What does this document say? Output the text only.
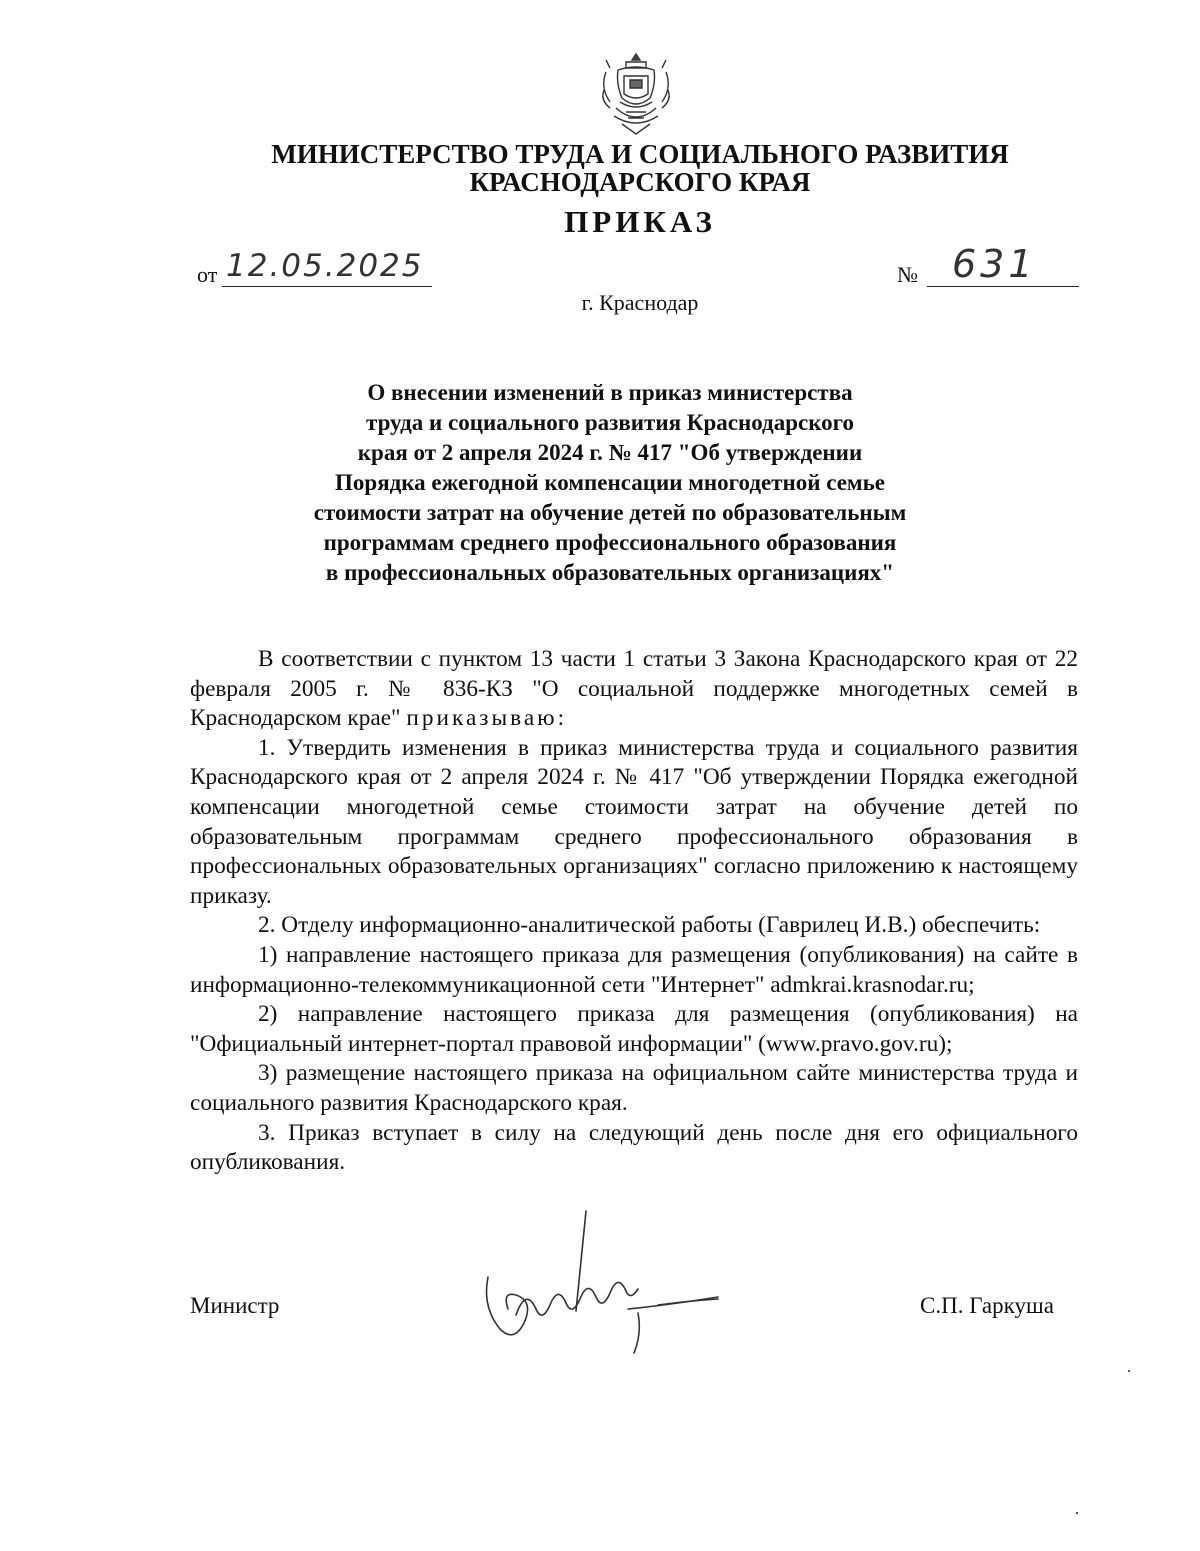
МИНИСТЕРСТВО ТРУДА И СОЦИАЛЬНОГО РАЗВИТИЯ
КРАСНОДАРСКОГО КРАЯ
ПРИКАЗ
от 12.05.2025	№ 631
г. Краснодар
О внесении изменений в приказ министерства
труда и социального развития Краснодарского
края от 2 апреля 2024 г. № 417 "Об утверждении
Порядка ежегодной компенсации многодетной семье
стоимости затрат на обучение детей по образовательным
программам среднего профессионального образования
в профессиональных образовательных организациях"

В соответствии с пунктом 13 части 1 статьи 3 Закона Краснодарского края от 22 февраля 2005 г. № 836-КЗ "О социальной поддержке многодетных семей в Краснодарском крае" приказываю:

1. Утвердить изменения в приказ министерства труда и социального развития Краснодарского края от 2 апреля 2024 г. № 417 "Об утверждении Порядка ежегодной компенсации многодетной семье стоимости затрат на обучение детей по образовательным программам среднего профессионального образования в профессиональных образовательных организациях" согласно приложению к настоящему приказу.

2. Отделу информационно-аналитической работы (Гаврилец И.В.) обеспечить:

1) направление настоящего приказа для размещения (опубликования) на сайте в информационно-телекоммуникационной сети "Интернет" admkrai.krasnodar.ru;

2) направление настоящего приказа для размещения (опубликования) на "Официальный интернет-портал правовой информации" (www.pravo.gov.ru);

3) размещение настоящего приказа на официальном сайте министерства труда и социального развития Краснодарского края.

3. Приказ вступает в силу на следующий день после дня его официального опубликования.

Министр	С.П. Гаркуша
